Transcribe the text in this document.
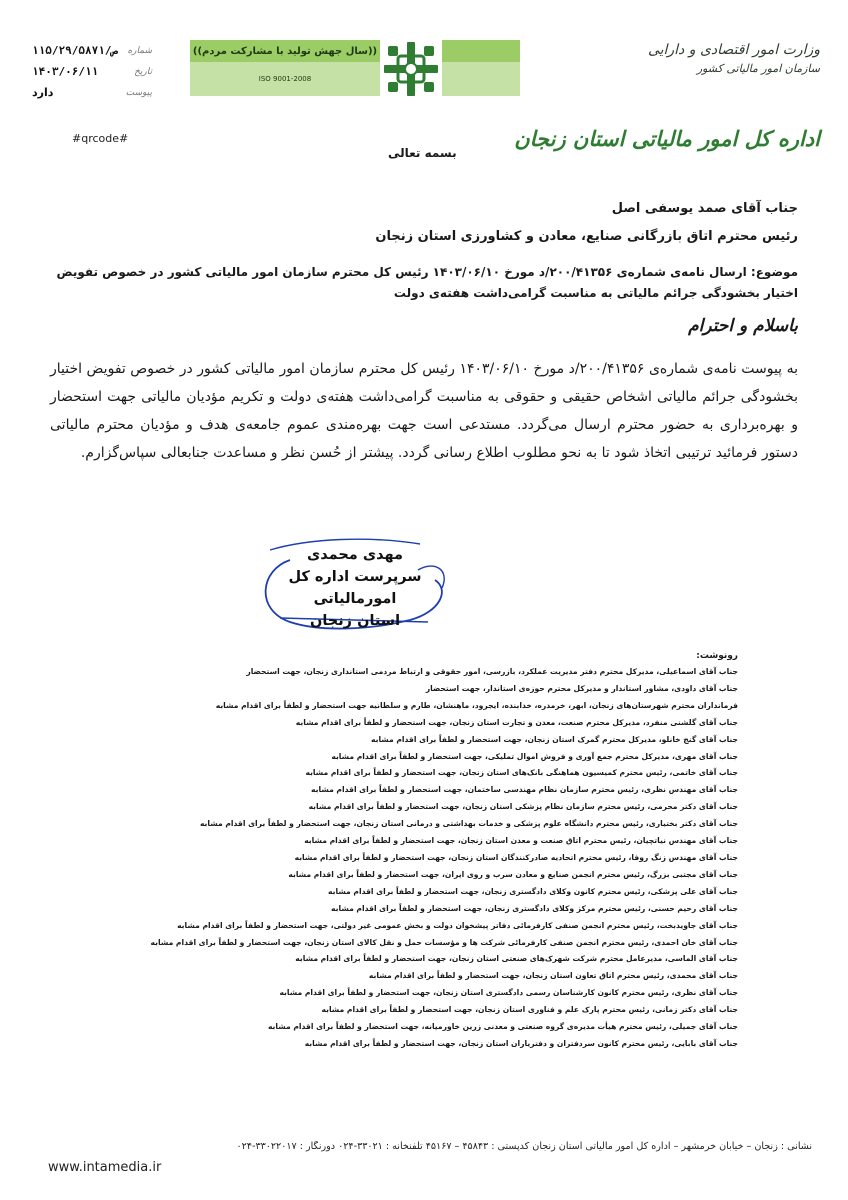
وزارت امور اقتصادی و دارایی
سازمان امور مالیاتی کشور
اداره کل امور مالیاتی استان زنجان
((سال جهش تولید با مشارکت مردم))
ISO 9001-2008
شماره
۱۱۵/۲۹/۵۸۷۱/ص
تاریخ
۱۴۰۳/۰۶/۱۱
پیوست
دارد
#qrcode#
بسمه تعالی
جناب آقای صمد یوسفی اصل
رئیس محترم اتاق بازرگانی صنایع، معادن و کشاورزی استان زنجان
موضوع: ارسال نامه‌ی شماره‌ی ۲۰۰/۴۱۳۵۶/د مورخ ۱۴۰۳/۰۶/۱۰ رئیس کل محترم سازمان امور مالیاتی کشور در خصوص تفویض اختیار بخشودگی جرائم مالیاتی به مناسبت گرامی‌داشت هفته‌ی دولت
باسلام و احترام
به پیوست نامه‌ی شماره‌ی ۲۰۰/۴۱۳۵۶/د مورخ ۱۴۰۳/۰۶/۱۰ رئیس کل محترم سازمان امور مالیاتی کشور در خصوص تفویض اختیار بخشودگی جرائم مالیاتی اشخاص حقیقی و حقوقی به مناسبت گرامی‌داشت هفته‌ی دولت و تکریم مؤدیان مالیاتی جهت استحضار و بهره‌برداری به حضور محترم ارسال می‌گردد. مستدعی است جهت بهره‌مندی عموم جامعه‌ی هدف و مؤدیان محترم مالیاتی دستور فرمائید ترتیبی اتخاذ شود تا به نحو مطلوب اطلاع رسانی گردد. پیشتر از حُسن نظر و مساعدت جنابعالی سپاس‌گزارم.
مهدی محمدی
سرپرست اداره کل امورمالیاتی
استان زنجان
رونوشت:
جناب آقای اسماعیلی، مدیرکل محترم دفتر مدیریت عملکرد، بازرسی، امور حقوقی و ارتباط مردمی استانداری زنجان، جهت استحضار
جناب آقای داودی، مشاور استاندار و مدیرکل محترم حوزه‌ی استاندار، جهت استحضار
فرمانداران محترم شهرستان‌های زنجان، ابهر، خرمدره، خدابنده، ایجرود، ماهنشان، طارم و سلطانیه جهت استحضار و لطفاً برای اقدام مشابه
جناب آقای گلشنی منفرد، مدیرکل محترم صنعت، معدن و تجارت استان زنجان، جهت استحضار و لطفاً برای اقدام مشابه
جناب آقای گنج خانلو، مدیرکل محترم گمرک استان زنجان، جهت استحضار و لطفاً برای اقدام مشابه
جناب آقای مهری، مدیرکل محترم جمع آوری و فروش اموال تملیکی، جهت استحضار و لطفاً برای اقدام مشابه
جناب آقای خاتمی، رئیس محترم کمیسیون هماهنگی بانک‌های استان زنجان، جهت استحضار و لطفاً برای اقدام مشابه
جناب آقای مهندس نظری، رئیس محترم سازمان نظام مهندسی ساختمان، جهت استحضار و لطفاً برای اقدام مشابه
جناب آقای دکتر محرمی، رئیس محترم سازمان نظام پزشکی استان زنجان، جهت استحضار و لطفاً برای اقدام مشابه
جناب آقای دکتر بختیاری، رئیس محترم دانشگاه علوم پزشکی و خدمات بهداشتی و درمانی استان زنجان، جهت استحضار و لطفاً برای اقدام مشابه
جناب آقای مهندس نیاتچیان، رئیس محترم اتاق صنعت و معدن استان زنجان، جهت استحضار و لطفاً برای اقدام مشابه
جناب آقای مهندس زنگ روفا، رئیس محترم اتحادیه صادرکنندگان استان زنجان، جهت استحضار و لطفاً برای اقدام مشابه
جناب آقای مجتبی بزرگ، رئیس محترم انجمن صنایع و معادن سرب و روی ایران، جهت استحضار و لطفاً برای اقدام مشابه
جناب آقای علی پزشکی، رئیس محترم کانون وکلای دادگستری زنجان، جهت استحضار و لطفاً برای اقدام مشابه
جناب آقای رحیم حسنی، رئیس محترم مرکز وکلای دادگستری زنجان، جهت استحضار و لطفاً برای اقدام مشابه
جناب آقای جاویدبخت، رئیس محترم انجمن صنفی کارفرمائی دفاتر پیشخوان دولت و بخش عمومی غیر دولتی، جهت استحضار و لطفاً برای اقدام مشابه
جناب آقای خان احمدی، رئیس محترم انجمن صنفی کارفرمائی شرکت ها و مؤسسات حمل و نقل کالای استان زنجان، جهت استحضار و لطفاً برای اقدام مشابه
جناب آقای الماسی، مدیرعامل محترم شرکت شهرک‌های صنعتی استان زنجان، جهت استحضار و لطفاً برای اقدام مشابه
جناب آقای محمدی، رئیس محترم اتاق تعاون استان زنجان، جهت استحضار و لطفاً برای اقدام مشابه
جناب آقای نظری، رئیس محترم کانون کارشناسان رسمی دادگستری استان زنجان، جهت استحضار و لطفاً برای اقدام مشابه
جناب آقای دکتر زمانی، رئیس محترم پارک علم و فناوری استان زنجان، جهت استحضار و لطفاً برای اقدام مشابه
جناب آقای جمیلی، رئیس محترم هیأت مدیره‌ی گروه صنعتی و معدنی زرین خاورمیانه، جهت استحضار و لطفاً برای اقدام مشابه
جناب آقای بابایی، رئیس محترم کانون سردفتران و دفتریاران استان زنجان، جهت استحضار و لطفاً برای اقدام مشابه
نشانی : زنجان – خیابان خرمشهر – اداره کل امور مالیاتی استان زنجان کدپستی : ۴۵۸۴۳ – ۴۵۱۶۷ تلفنخانه : ۳۳۰۲۱-۰۲۴ دورنگار : ۳۳۰۲۲۰۱۷-۰۲۴
www.intamedia.ir
